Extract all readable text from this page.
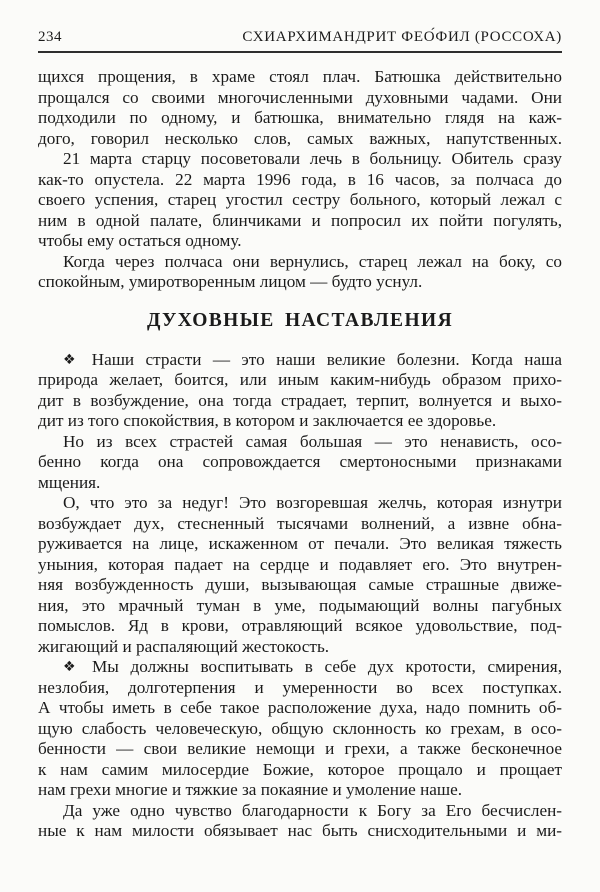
234	СХИАРХИМАНДРИТ ФЕО́ФИЛ (РОССОХА)
щихся прощения, в храме стоял плач. Батюшка действительно
прощался со своими многочисленными духовными чадами. Они
подходили по одному, и батюшка, внимательно глядя на каж-
дого, говорил несколько слов, самых важных, напутственных.
21 марта старцу посоветовали лечь в больницу. Обитель сразу
как-то опустела. 22 марта 1996 года, в 16 часов, за полчаса до
своего успения, старец угостил сестру больного, который лежал с
ним в одной палате, блинчиками и попросил их пойти погулять,
чтобы ему остаться одному.
Когда через полчаса они вернулись, старец лежал на боку, со
спокойным, умиротворенным лицом — будто уснул.
ДУХОВНЫЕ НАСТАВЛЕНИЯ
❖ Наши страсти — это наши великие болезни. Когда наша
природа желает, боится, или иным каким-нибудь образом прихо-
дит в возбуждение, она тогда страдает, терпит, волнуется и выхо-
дит из того спокойствия, в котором и заключается ее здоровье.
Но из всех страстей самая большая — это ненависть, осо-
бенно когда она сопровождается смертоносными признаками
мщения.
О, что это за недуг! Это возгоревшая желчь, которая изнутри
возбуждает дух, стесненный тысячами волнений, а извне обна-
руживается на лице, искаженном от печали. Это великая тяжесть
уныния, которая падает на сердце и подавляет его. Это внутрен-
няя возбужденность души, вызывающая самые страшные движе-
ния, это мрачный туман в уме, подымающий волны пагубных
помыслов. Яд в крови, отравляющий всякое удовольствие, под-
жигающий и распаляющий жестокость.
❖ Мы должны воспитывать в себе дух кротости, смирения,
незлобия, долготерпения и умеренности во всех поступках.
А чтобы иметь в себе такое расположение духа, надо помнить об-
щую слабость человеческую, общую склонность ко грехам, в осо-
бенности — свои великие немощи и грехи, а также бесконечное
к нам самим милосердие Божие, которое прощало и прощает
нам грехи многие и тяжкие за покаяние и умоление наше.
Да уже одно чувство благодарности к Богу за Его бесчислен-
ные к нам милости обязывает нас быть снисходительными и ми-
